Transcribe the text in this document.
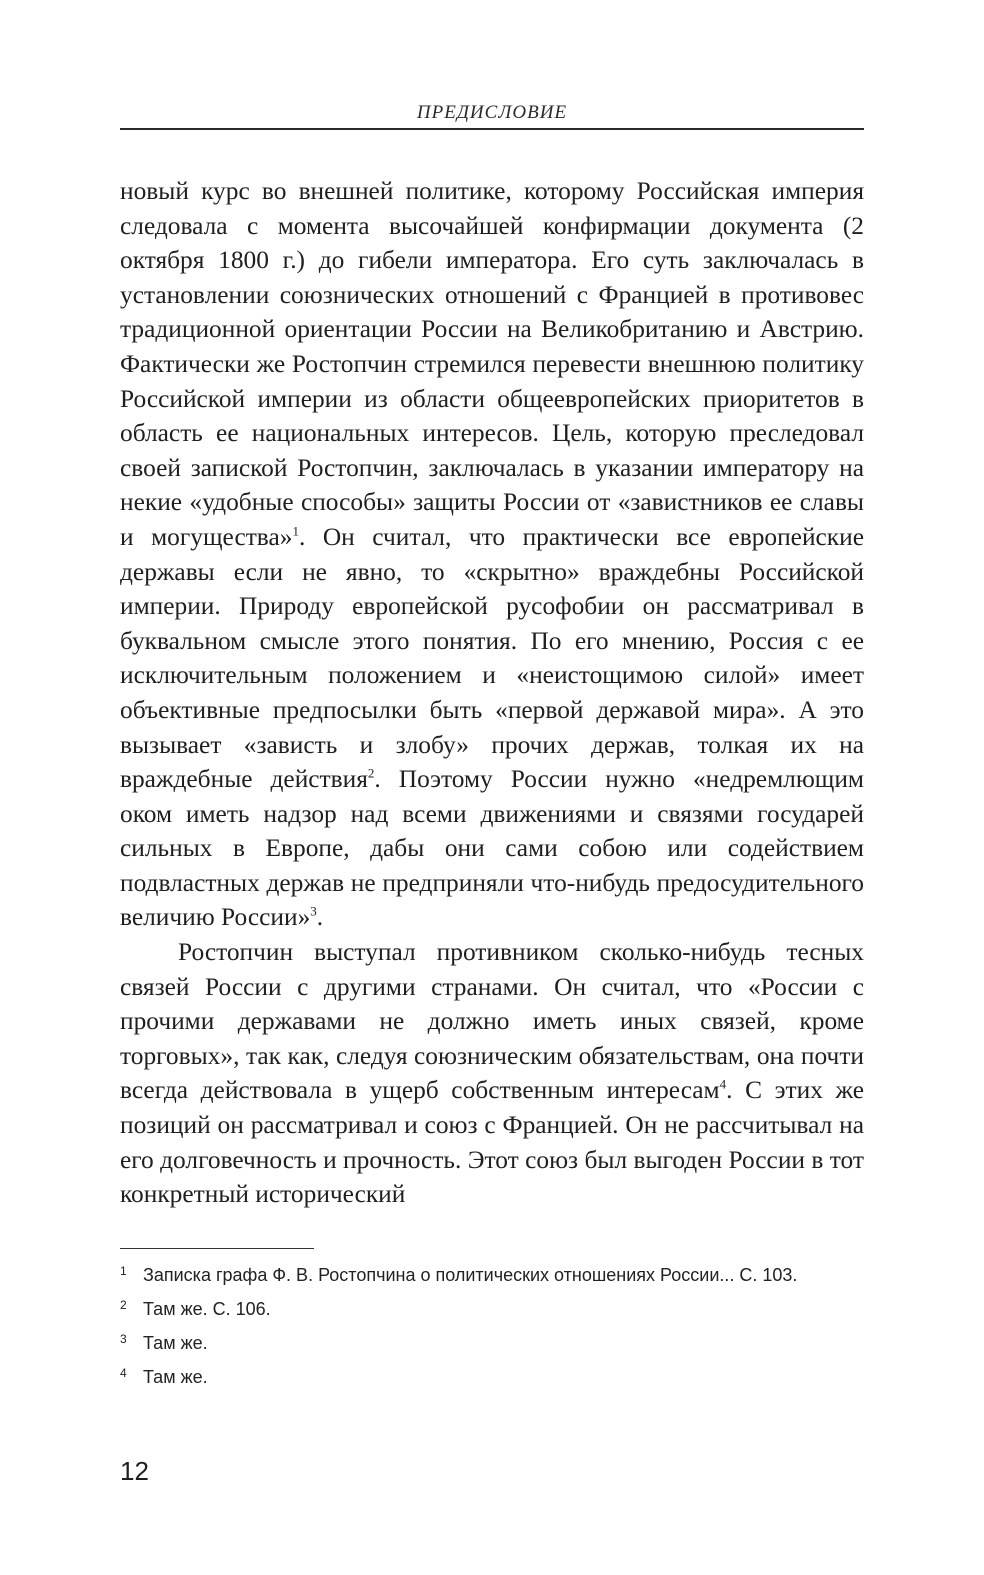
ПРЕДИСЛОВИЕ

новый курс во внешней политике, которому Российская империя следовала с момента высочайшей конфирмации документа (2 октября 1800 г.) до гибели императора. Его суть заключалась в установлении союзнических отношений с Францией в противовес традиционной ориентации России на Великобританию и Австрию. Фактически же Ростопчин стремился перевести внешнюю политику Российской империи из области общеевропейских приоритетов в область ее национальных интересов. Цель, которую преследовал своей запиской Ростопчин, заключалась в указании императору на некие «удобные способы» защиты России от «завистников ее славы и могущества»$^1$. Он считал, что практически все европейские державы если не явно, то «скрытно» враждебны Российской империи. Природу европейской русофобии он рассматривал в буквальном смысле этого понятия. По его мнению, Россия с ее исключительным положением и «неистощимою силой» имеет объективные предпосылки быть «первой державой мира». А это вызывает «зависть и злобу» прочих держав, толкая их на враждебные действия$^2$. Поэтому России нужно «недремлющим оком иметь надзор над всеми движениями и связями государей сильных в Европе, дабы они сами собою или содействием подвластных держав не предприняли что-нибудь предосудительного величию России»$^3$.

Ростопчин выступал противником сколько-нибудь тесных связей России с другими странами. Он считал, что «России с прочими державами не должно иметь иных связей, кроме торговых», так как, следуя союзническим обязательствам, она почти всегда действовала в ущерб собственным интересам$^4$. С этих же позиций он рассматривал и союз с Францией. Он не рассчитывал на его долговечность и прочность. Этот союз был выгоден России в тот конкретный исторический

1 Записка графа Ф. В. Ростопчина о политических отношениях России... С. 103.
2 Там же. С. 106.
3 Там же.
4 Там же.
12
